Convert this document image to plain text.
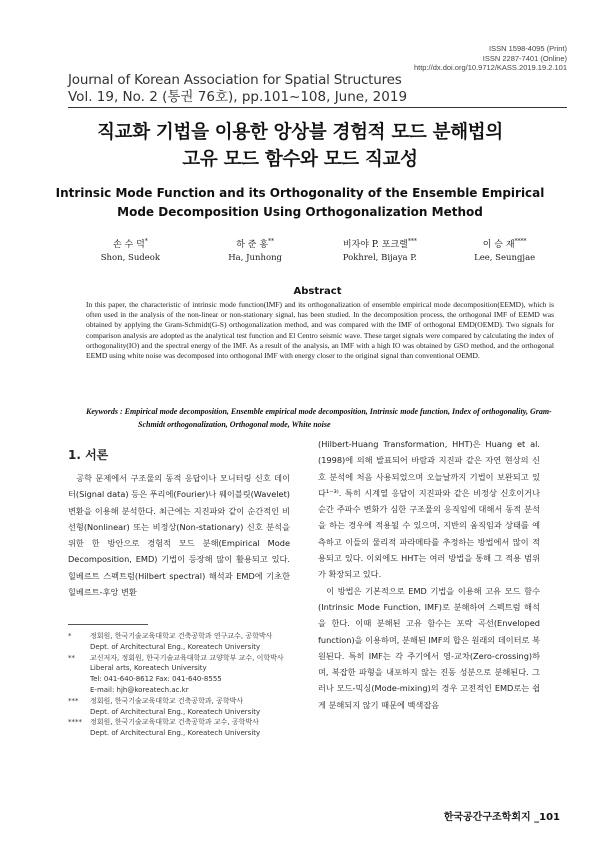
ISSN 1598-4095 (Print)
ISSN 2287-7401 (Online)
http://dx.doi.org/10.9712/KASS.2019.19.2.101
Journal of Korean Association for Spatial Structures
Vol. 19, No. 2 (통권 76호), pp.101~108, June, 2019
직교화 기법을 이용한 앙상블 경험적 모드 분해법의
고유 모드 함수와 모드 직교성
Intrinsic Mode Function and its Orthogonality of the Ensemble Empirical
Mode Decomposition Using Orthogonalization Method
손 수 덕*
Shon, Sudeok
하 준 홍**
Ha, Junhong
비자야 P. 포크렐***
Pokhrel, Bijaya P.
이 승 재****
Lee, Seungjae
Abstract
In this paper, the characteristic of intrinsic mode function(IMF) and its orthogonalization of ensemble empirical mode decomposition(EEMD), which is often used in the analysis of the non-linear or non-stationary signal, has been studied. In the decomposition process, the orthogonal IMF of EEMD was obtained by applying the Gram-Schmidt(G-S) orthogonalization method, and was compared with the IMF of orthogonal EMD(OEMD). Two signals for comparison analysis are adopted as the analytical test function and El Centro seismic wave. These target signals were compared by calculating the index of orthogonality(IO) and the spectral energy of the IMF. As a result of the analysis, an IMF with a high IO was obtained by GSO method, and the orthogonal EEMD using white noise was decomposed into orthogonal IMF with energy closer to the original signal than conventional OEMD.
Keywords : Empirical mode decomposition, Ensemble empirical mode decomposition, Intrinsic mode function, Index of orthogonality, Gram-Schmidt orthogonalization, Orthogonal mode, White noise
1. 서론

공학 문제에서 구조물의 동적 응답이나 모니터링 신호 데이터(Signal data) 등은 푸리에(Fourier)나 웨이블릿(Wavelet) 변환을 이용해 분석한다. 최근에는 지진파와 같이 순간적인 비선형(Nonlinear) 또는 비정상(Non-stationary) 신호 분석을 위한 한 방안으로 경험적 모드 분해(Empirical Mode Decomposition, EMD) 기법이 등장해 많이 활용되고 있다. 힐베르트 스펙트럼(Hilbert spectral) 해석과 EMD에 기초한 힐베르트-후앙 변환

(Hilbert-Huang Transformation, HHT)은 Huang et al.(1998)에 의해 발표되어 바람과 지진파 같은 자연 현상의 신호 분석에 처음 사용되었으며 오늘날까지 기법이 보완되고 있다¹⁻³⁾. 특히 시계열 응답이 지진파와 같은 비정상 신호이거나 순간 주파수 변화가 심한 구조물의 응직임에 대해서 동적 분석을 하는 경우에 적용될 수 있으며, 지반의 움직임과 상태를 예측하고 이들의 물리적 파라메타를 추정하는 방법에서 많이 적용되고 있다. 이외에도 HHT는 여러 방법을 통해 그 적용 범위가 확장되고 있다.

이 방법은 기본적으로 EMD 기법을 이용해 고유 모드 함수(Intrinsic Mode Function, IMF)로 분해하여 스펙트럼 해석을 한다. 이때 분해된 고유 함수는 포락 곡선(Enveloped function)을 이용하며, 분해된 IMF의 합은 원래의 데이터로 복원된다. 특히 IMF는 각 주기에서 영-교차(Zero-crossing)하며, 복잡한 파형을 내포하지 않는 진동 성분으로 분해된다. 그러나 모드-믹싱(Mode-mixing)의 경우 고전적인 EMD로는 쉽게 분해되지 않기 때문에 백색잡음

*	정회원, 한국기술교육대학교 건축공학과 연구교수, 공학박사
Dept. of Architectural Eng., Koreatech University
**	교신저자, 정회원, 한국기술교육대학교 교양학부 교수, 이학박사
Liberal arts, Koreatech University
Tel: 041-640-8612 Fax: 041-640-8555
E-mail: hjh@koreatech.ac.kr
***	정회원, 한국기술교육대학교 건축공학과, 공학박사
Dept. of Architectural Eng., Koreatech University
****	정회원, 한국기술교육대학교 건축공학과 교수, 공학박사
Dept. of Architectural Eng., Koreatech University
한국공간구조학회지 _101
